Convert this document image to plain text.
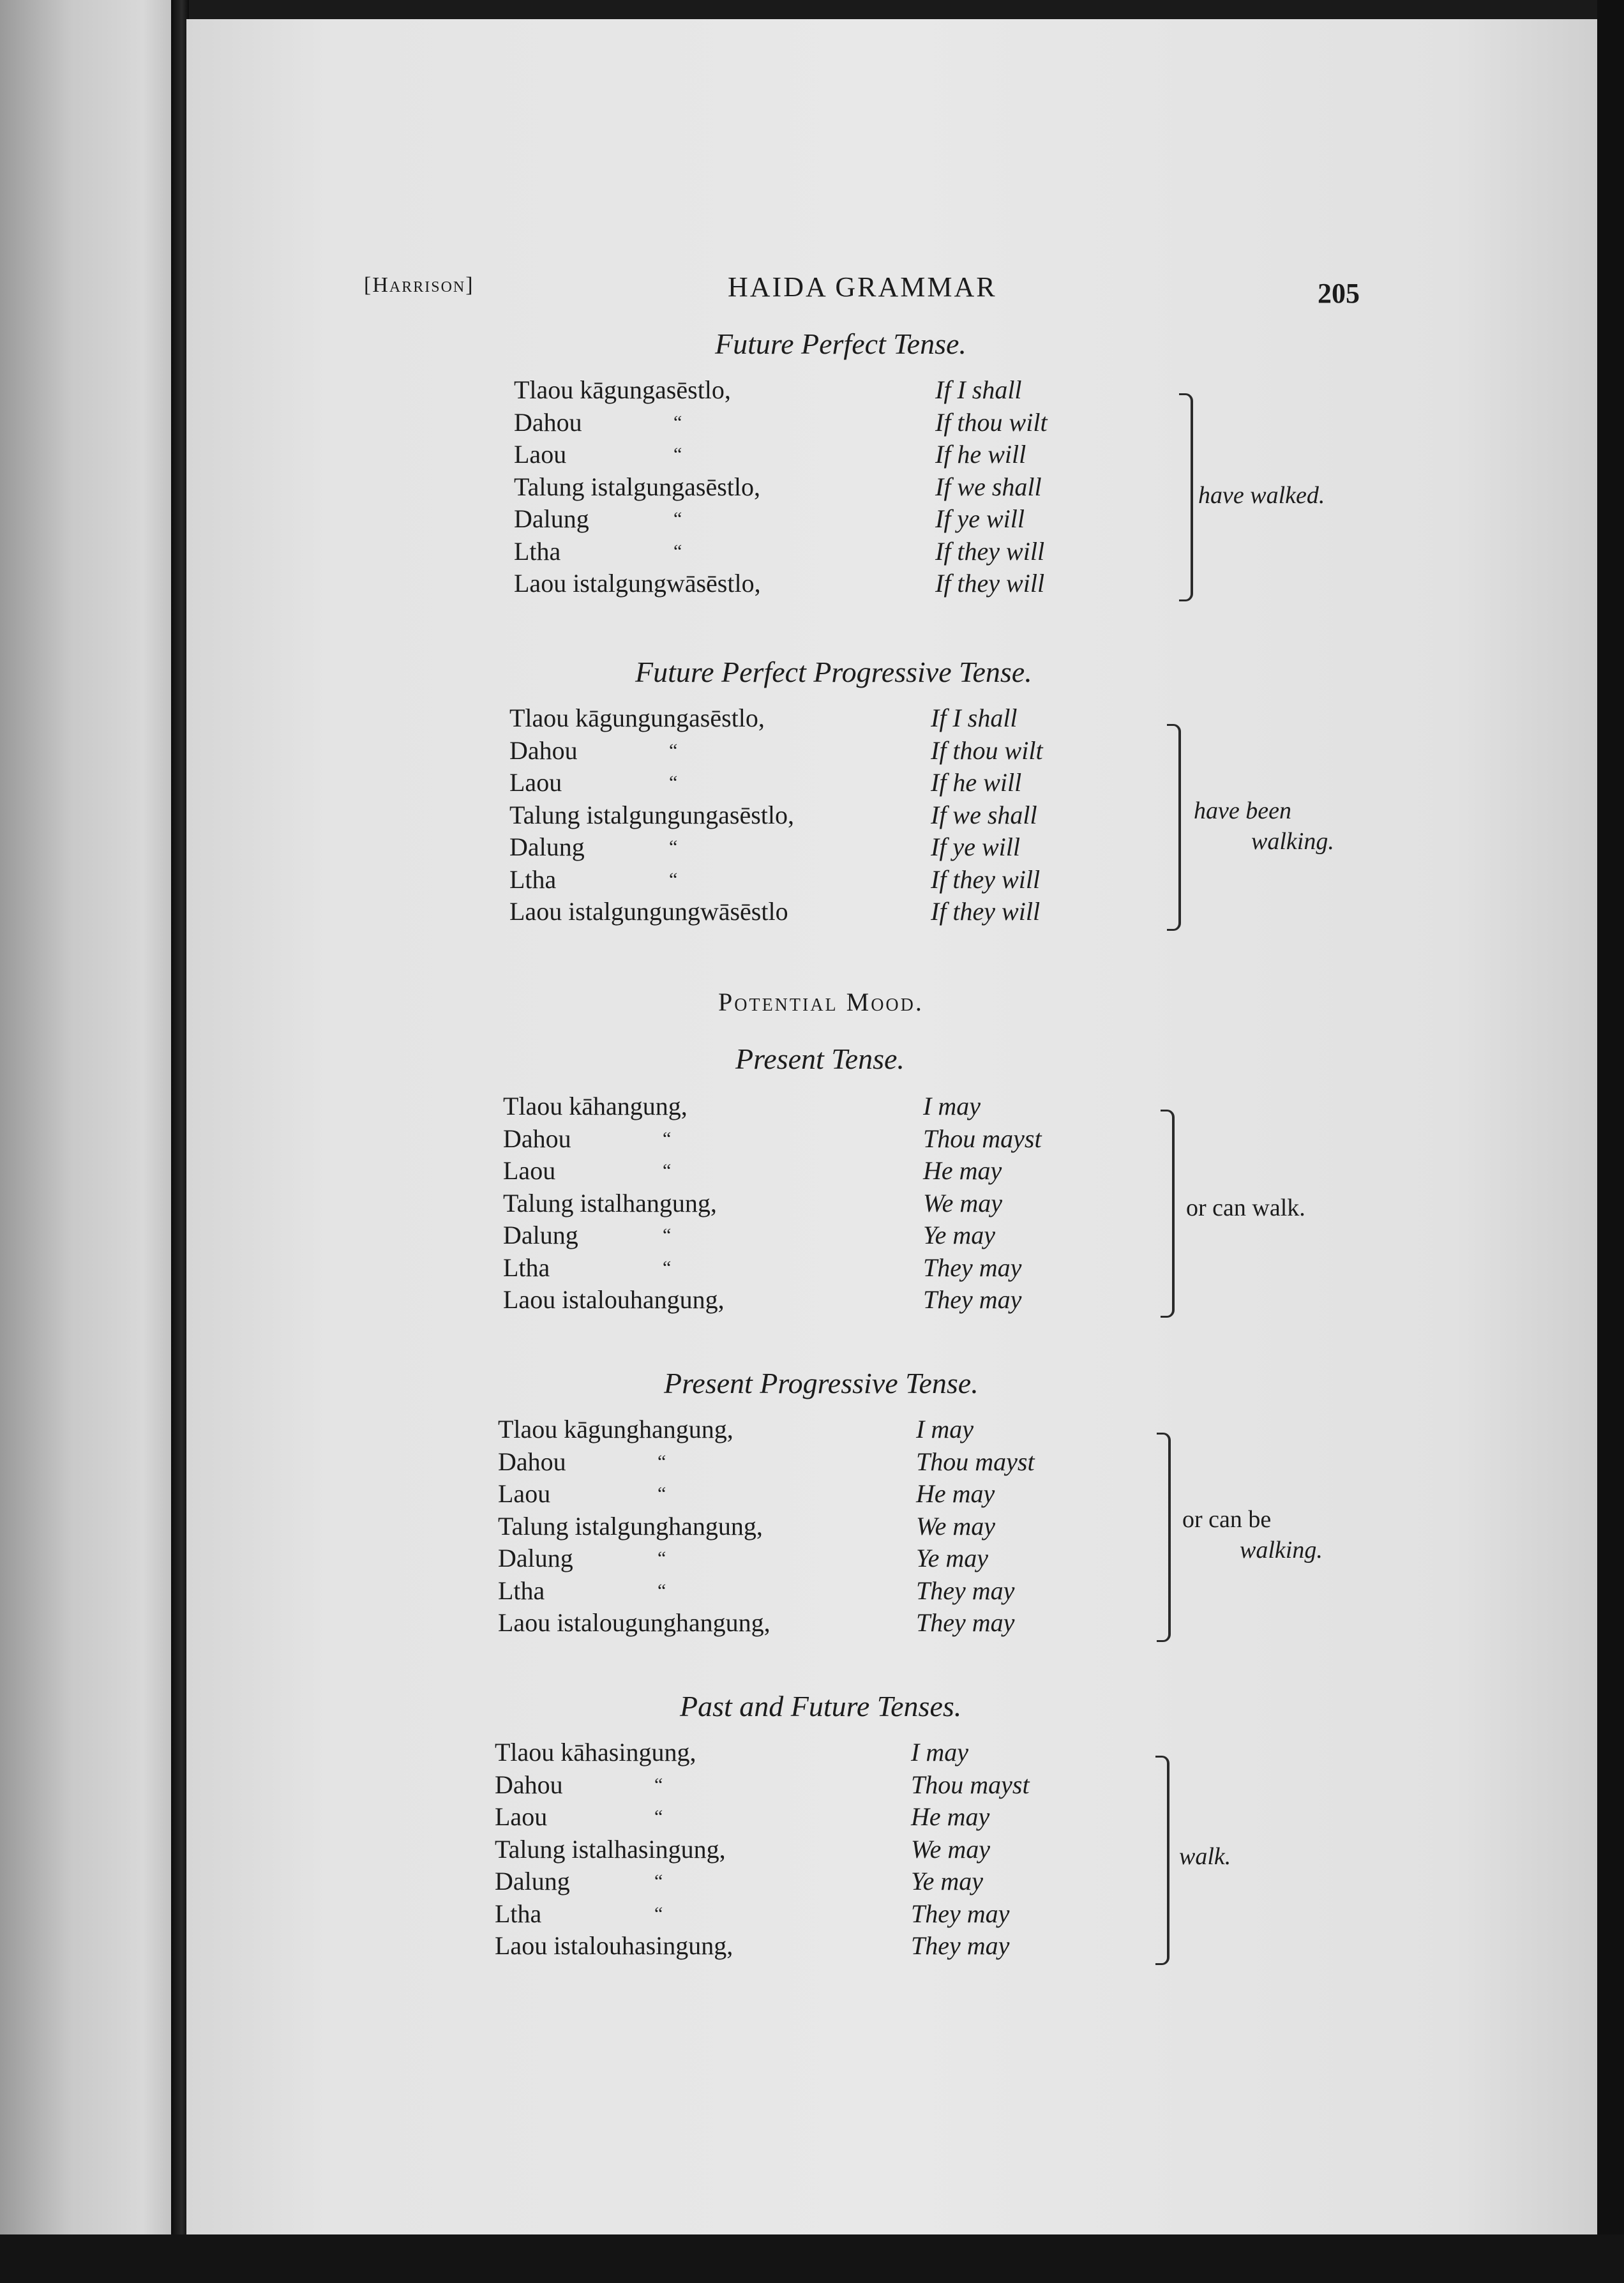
[Harrison]	HAIDA GRAMMAR	205
Future Perfect Tense.
Tlaou kāgungasēstlo,	If I shall
Dahou	“	If thou wilt
Laou	“	If he will
Talung istalgungasēstlo,	If we shall
Dalung	“	If ye will
Ltha	“	If they will
Laou istalgungwāsēstlo,	If they will
have walked.
Future Perfect Progressive Tense.
Tlaou kāgungungasēstlo,	If I shall
Dahou	“	If thou wilt
Laou	“	If he will
Talung istalgungungasēstlo,	If we shall
Dalung	“	If ye will
Ltha	“	If they will
Laou istalgungungwāsēstlo	If they will
have been
walking.
Potential Mood.
Present Tense.
Tlaou kāhangung,	I may
Dahou	“	Thou mayst
Laou	“	He may
Talung istalhangung,	We may
Dalung	“	Ye may
Ltha	“	They may
Laou istalouhangung,	They may
or can walk.
Present Progressive Tense.
Tlaou kāgunghangung,	I may
Dahou	“	Thou mayst
Laou	“	He may
Talung istalgunghangung,	We may
Dalung	“	Ye may
Ltha	“	They may
Laou istalougunghangung,	They may
or can be
walking.
Past and Future Tenses.
Tlaou kāhasingung,	I may
Dahou	“	Thou mayst
Laou	“	He may
Talung istalhasingung,	We may
Dalung	“	Ye may
Ltha	“	They may
Laou istalouhasingung,	They may
walk.
